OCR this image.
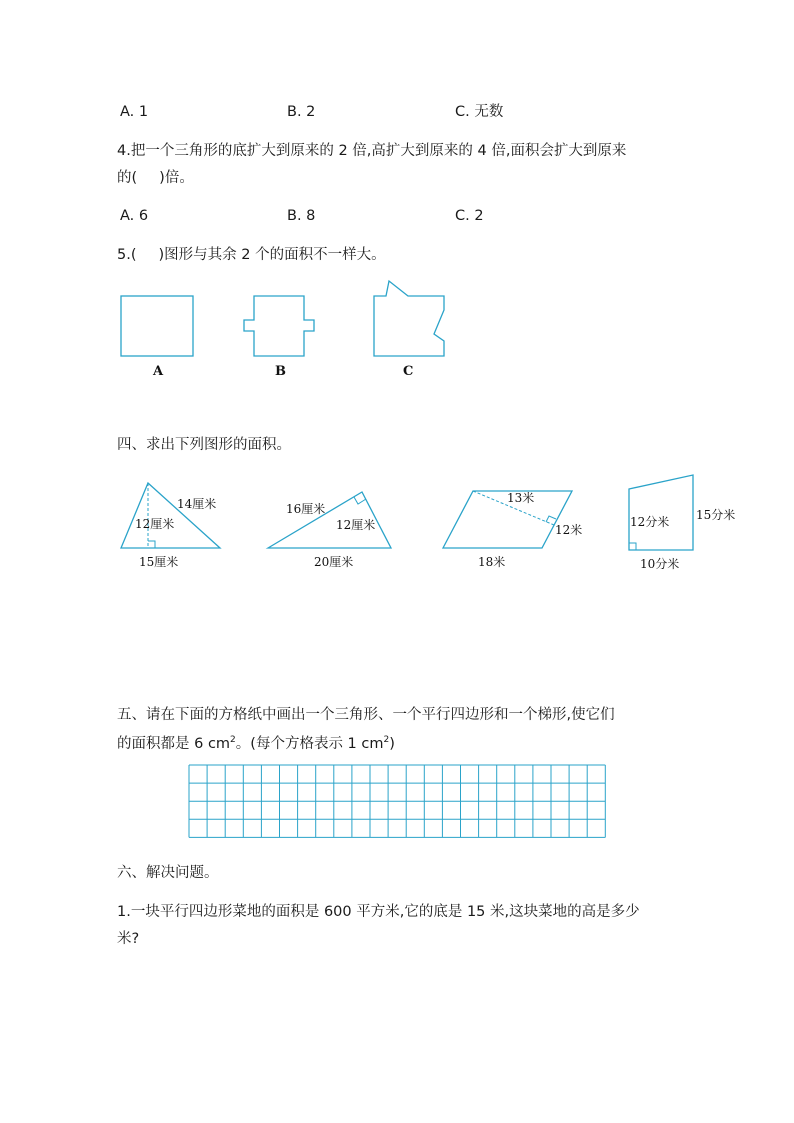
A. 1	B. 2	C. 无数
4.把一个三角形的底扩大到原来的 2 倍,高扩大到原来的 4 倍,面积会扩大到原来
的( )倍。
A. 6	B. 8	C. 2
5.( )图形与其余 2 个的面积不一样大。
A	B	C
14厘米
12厘米
15厘米
16厘米
12厘米
20厘米
13米
12米
18米
12分米 15分米
10分米
四、求出下列图形的面积。
五、请在下面的方格纸中画出一个三角形、一个平行四边形和一个梯形,使它们
的面积都是 6 $cm^2$。(每个方格表示 1 $cm^2$)
六、解决问题。
1.一块平行四边形菜地的面积是 600 平方米,它的底是 15 米,这块菜地的高是多少
米?
